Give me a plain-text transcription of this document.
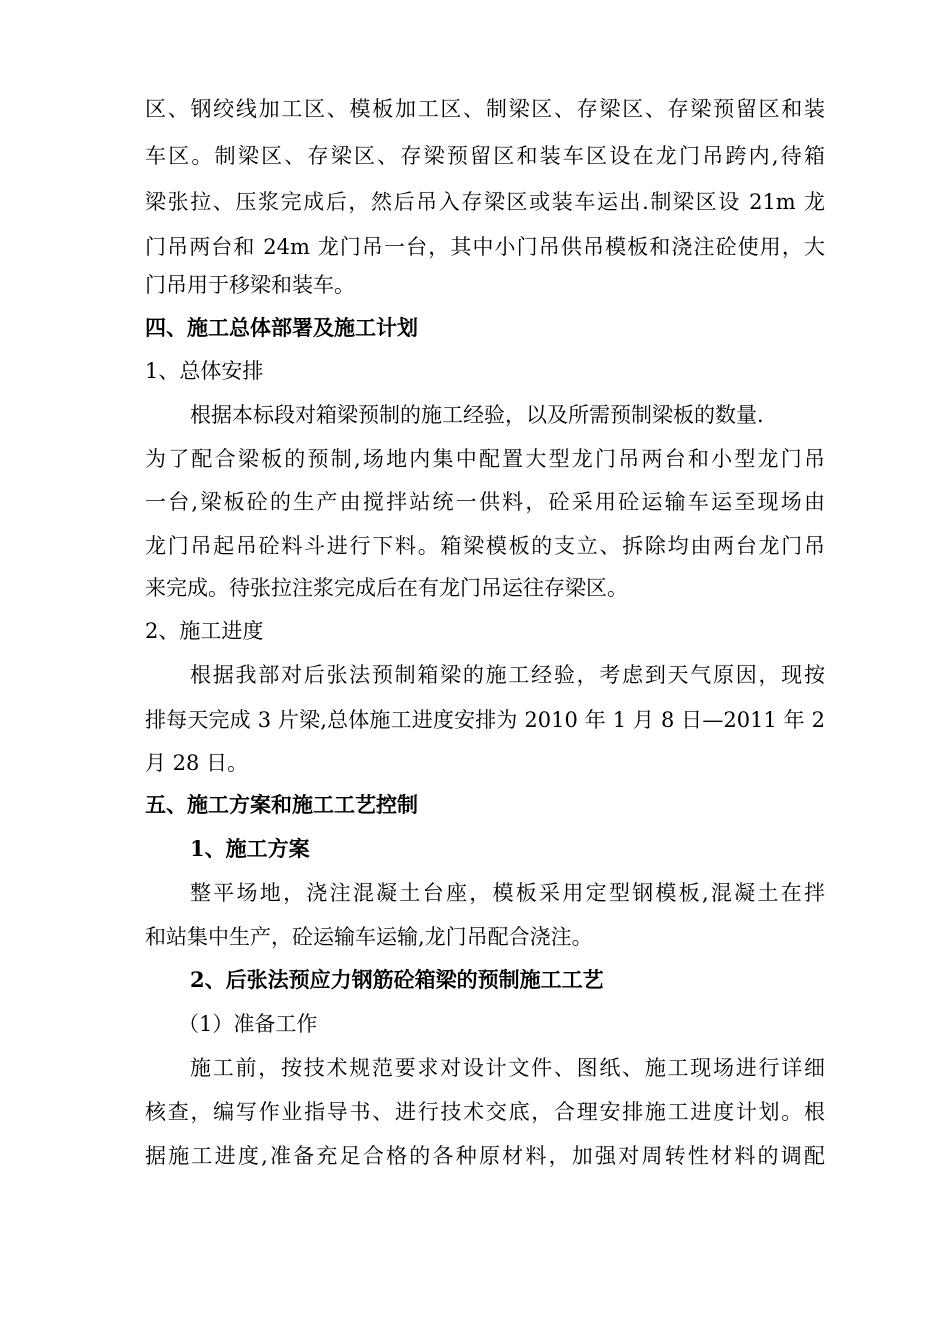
区、钢绞线加工区、模板加工区、制梁区、存梁区、存梁预留区和装
车区。制梁区、存梁区、存梁预留区和装车区设在龙门吊跨内,待箱
梁张拉、压浆完成后，然后吊入存梁区或装车运出.制梁区设 21m 龙
门吊两台和 24m 龙门吊一台，其中小门吊供吊模板和浇注砼使用，大
门吊用于移梁和装车。
四、施工总体部署及施工计划
1、总体安排
根据本标段对箱梁预制的施工经验，以及所需预制梁板的数量.
为了配合梁板的预制,场地内集中配置大型龙门吊两台和小型龙门吊
一台,梁板砼的生产由搅拌站统一供料，砼采用砼运输车运至现场由
龙门吊起吊砼料斗进行下料。箱梁模板的支立、拆除均由两台龙门吊
来完成。待张拉注浆完成后在有龙门吊运往存梁区。
2、施工进度
根据我部对后张法预制箱梁的施工经验，考虑到天气原因，现按
排每天完成 3 片梁,总体施工进度安排为 2010 年 1 月 8 日—2011 年 2
月 28 日。
五、施工方案和施工工艺控制
1、施工方案
整平场地，浇注混凝土台座，模板采用定型钢模板,混凝土在拌
和站集中生产，砼运输车运输,龙门吊配合浇注。
2、后张法预应力钢筋砼箱梁的预制施工工艺
（1）准备工作
施工前，按技术规范要求对设计文件、图纸、施工现场进行详细
核查，编写作业指导书、进行技术交底，合理安排施工进度计划。根
据施工进度,准备充足合格的各种原材料，加强对周转性材料的调配
